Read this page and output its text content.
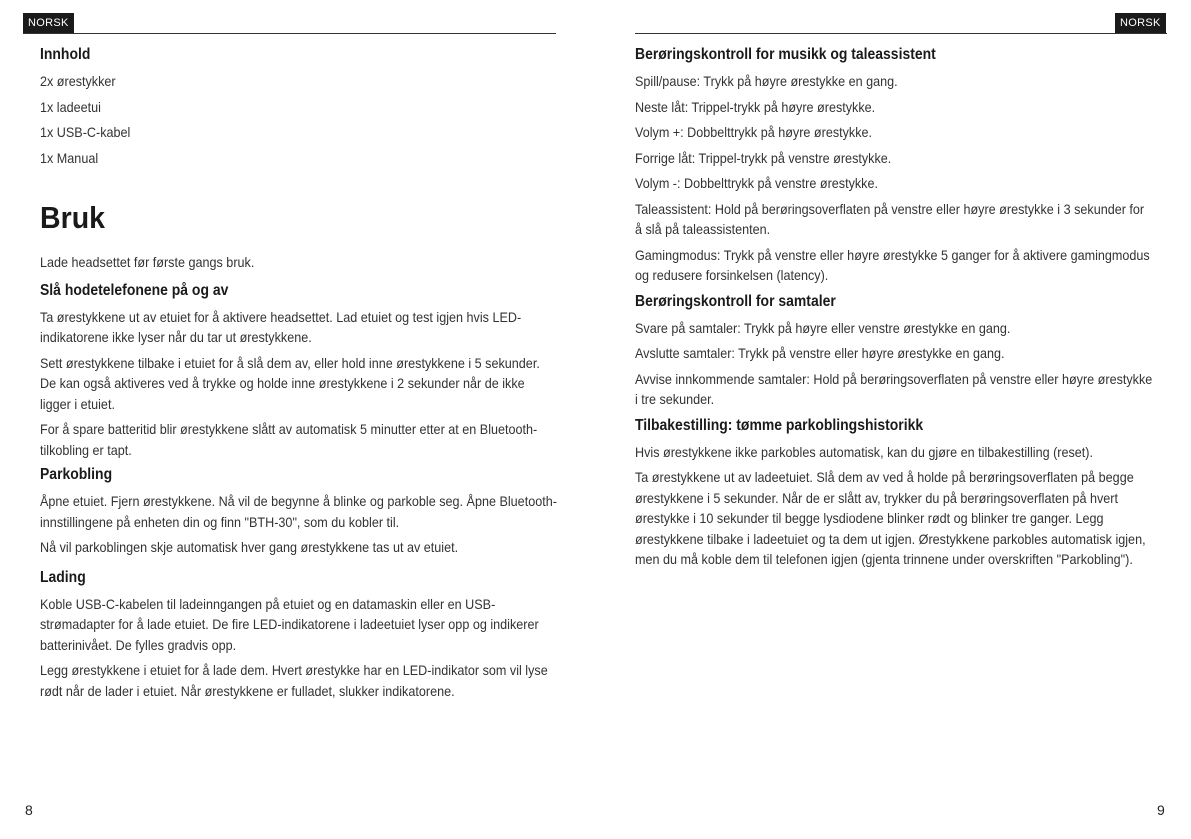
NORSK
Innhold
2x ørestykker
1x ladeetui
1x USB-C-kabel
1x Manual
Bruk

Lade headsettet før første gangs bruk.

Slå hodetelefonene på og av

Ta ørestykkene ut av etuiet for å aktivere headsettet. Lad etuiet og test igjen hvis LED-indikatorene ikke lyser når du tar ut ørestykkene.

Sett ørestykkene tilbake i etuiet for å slå dem av, eller hold inne ørestykkene i 5 sekunder. De kan også aktiveres ved å trykke og holde inne ørestykkene i 2 sekunder når de ikke ligger i etuiet.

For å spare batteritid blir ørestykkene slått av automatisk 5 minutter etter at en Bluetooth-tilkobling er tapt.

Parkobling

Åpne etuiet. Fjern ørestykkene. Nå vil de begynne å blinke og parkoble seg. Åpne Bluetooth-innstillingene på enheten din og finn "BTH-30", som du kobler til.

Nå vil parkoblingen skje automatisk hver gang ørestykkene tas ut av etuiet.

Lading

Koble USB-C-kabelen til ladeinngangen på etuiet og en datamaskin eller en USB-strømadapter for å lade etuiet. De fire LED-indikatorene i ladeetuiet lyser opp og indikerer batterinivået. De fylles gradvis opp.

Legg ørestykkene i etuiet for å lade dem. Hvert ørestykke har en LED-indikator som vil lyse rødt når de lader i etuiet. Når ørestykkene er fulladet, slukker indikatorene.

8
NORSK
Berøringskontroll for musikk og taleassistent

Spill/pause: Trykk på høyre ørestykke en gang.

Neste låt: Trippel-trykk på høyre ørestykke.

Volym +: Dobbelttrykk på høyre ørestykke.

Forrige låt: Trippel-trykk på venstre ørestykke.

Volym -: Dobbelttrykk på venstre ørestykke.

Taleassistent: Hold på berøringsoverflaten på venstre eller høyre ørestykke i 3 sekunder for å slå på taleassistenten.

Gamingmodus: Trykk på venstre eller høyre ørestykke 5 ganger for å aktivere gamingmodus og redusere forsinkelsen (latency).

Berøringskontroll for samtaler

Svare på samtaler: Trykk på høyre eller venstre ørestykke en gang.

Avslutte samtaler: Trykk på venstre eller høyre ørestykke en gang.

Avvise innkommende samtaler: Hold på berøringsoverflaten på venstre eller høyre ørestykke i tre sekunder.

Tilbakestilling: tømme parkoblingshistorikk

Hvis ørestykkene ikke parkobles automatisk, kan du gjøre en tilbakestilling (reset).

Ta ørestykkene ut av ladeetuiet. Slå dem av ved å holde på berøringsoverflaten på begge ørestykkene i 5 sekunder. Når de er slått av, trykker du på berøringsoverflaten på hvert ørestykke i 10 sekunder til begge lysdiodene blinker rødt og blinker tre ganger. Legg ørestykkene tilbake i ladeetuiet og ta dem ut igjen. Ørestykkene parkobles automatisk igjen, men du må koble dem til telefonen igjen (gjenta trinnene under overskriften "Parkobling").

9
